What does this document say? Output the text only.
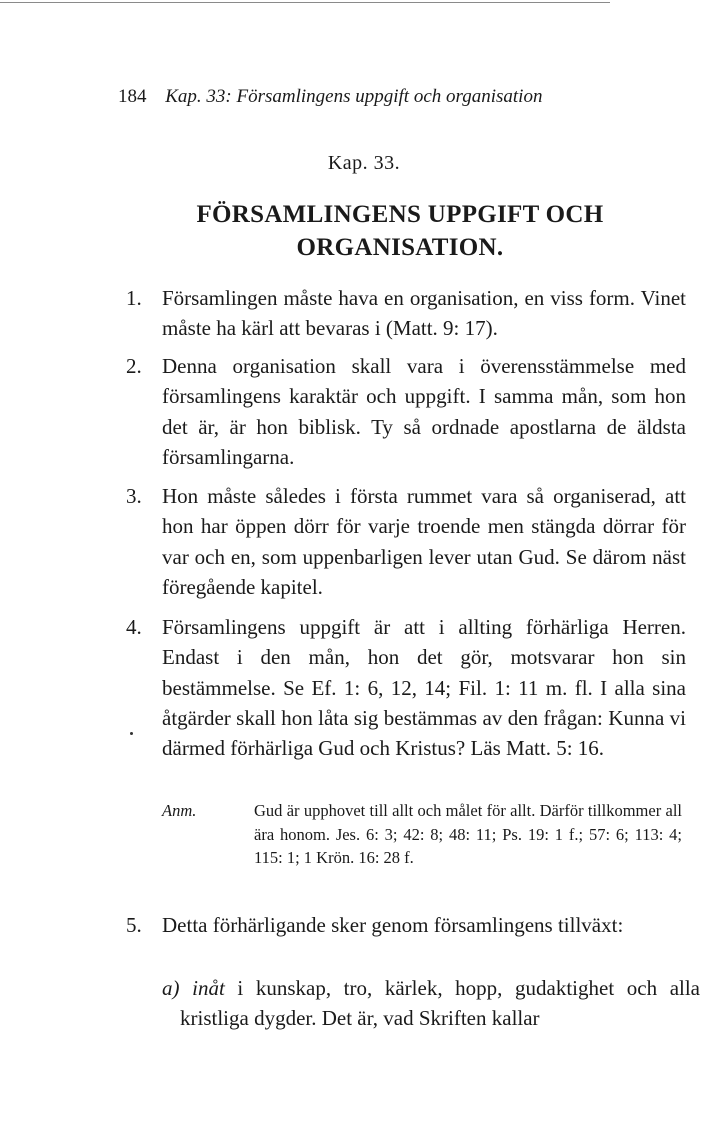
184 Kap. 33: Församlingens uppgift och organisation
Kap. 33.
FÖRSAMLINGENS UPPGIFT OCH ORGANISATION.
1. Församlingen måste hava en organisation, en viss form. Vinet måste ha kärl att bevaras i (Matt. 9: 17).
2. Denna organisation skall vara i överensstämmelse med församlingens karaktär och uppgift. I samma mån, som hon det är, är hon biblisk. Ty så ordnade apostlarna de äldsta församlingarna.
3. Hon måste således i första rummet vara så organiserad, att hon har öppen dörr för varje troende men stängda dörrar för var och en, som uppenbarligen lever utan Gud. Se därom näst föregående kapitel.
4. Församlingens uppgift är att i allting förhärliga Herren. Endast i den mån, hon det gör, motsvarar hon sin bestämmelse. Se Ef. 1: 6, 12, 14; Fil. 1: 11 m. fl. I alla sina åtgärder skall hon låta sig bestämmas av den frågan: Kunna vi därmed förhärliga Gud och Kristus? Läs Matt. 5: 16.
Anm.	Gud är upphovet till allt och målet för allt. Därför tillkommer all ära honom. Jes. 6: 3; 42: 8; 48: 11; Ps. 19: 1 f.; 57: 6; 113: 4; 115: 1; 1 Krön. 16: 28 f.
5. Detta förhärligande sker genom församlingens tillväxt:
a) inåt i kunskap, tro, kärlek, hopp, gudaktighet och alla kristliga dygder. Det är, vad Skriften kallar
